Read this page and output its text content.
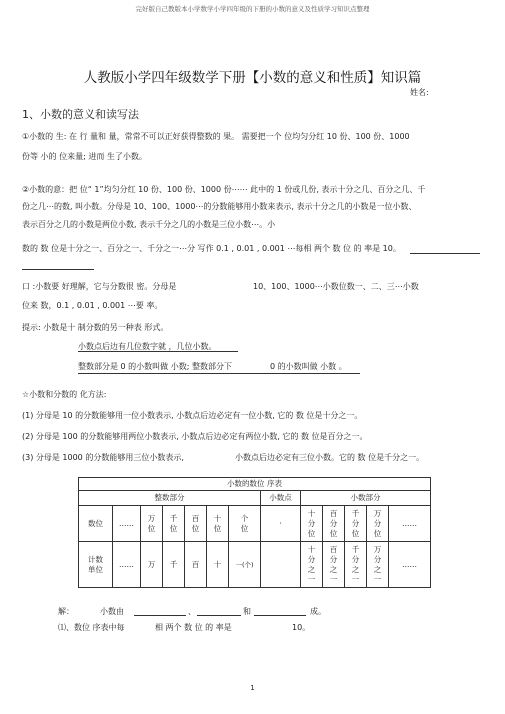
完好版自己教版本小学数学小学四年级的下册的小数的意义及性质学习知识点整理
人教版小学四年级数学下册【小数的意义和性质】知识篇
姓名:
1、小数的意义和读写法
①小数的 生: 在 行 量和 量，常常不可以正好获得整数的 果。 需要把一个 位均匀分红 10 份、100 份、1000
份等 小的 位来量; 进而 生了小数。
②小数的意：把 位“ 1”均匀分红 10 份、100 份、1000 份⋯⋯ 此中的 1 份或几份, 表示十分之几、百分之几、千
份之几⋯的数, 叫小数。分母是 10、100、1000⋯的分数能够用小数来表示, 表示十分之几的小数是一位小数、
表示百分之几的小数是两位小数, 表示千分之几的小数是三位小数⋯。小
数的 数 位是十分之一、百分之一、千分之一⋯分 写作 0.1 , 0.01 , 0.001 ⋯每相 两个 数 位 的 率是 10。
口 :小数要 好理解，它与分数很 密。分母是	10、100、1000⋯小数位数一、二、三⋯小数
位来 数，0.1 , 0.01 , 0.001 ⋯要 率。
提示: 小数是十 制分数的另一种表 形式。
小数点后边有几位数字就 ，几位小数。
整数部分是 0 的小数叫做 小数; 整数部分下	0 的小数叫做 小数 。
☆小数和分数的 化方法:
(1) 分母是 10 的分数能够用一位小数表示, 小数点后边必定有一位小数, 它的 数 位是十分之一。
(2) 分母是 100 的分数能够用两位小数表示, 小数点后边必定有两位小数, 它的 数 位是百分之一。
(3) 分母是 1000 的分数能够用三位小数表示,	小数点后边必定有三位小数。它的 数 位是千分之一。
小数的数位 序表												
整数部分							小数点	小数部分				
数位	……	万位	千位	百位	十位	个位	·	十分位	百分位	千分位	万分位	……
计数单位	……	万	千	百	十	一(个)		十分之一	百分之一	千分之一	万分之一	……
解：	小数由	、	和	成。
⑴、数位 序表中每	相 两个 数 位 的 率是	10。
1
